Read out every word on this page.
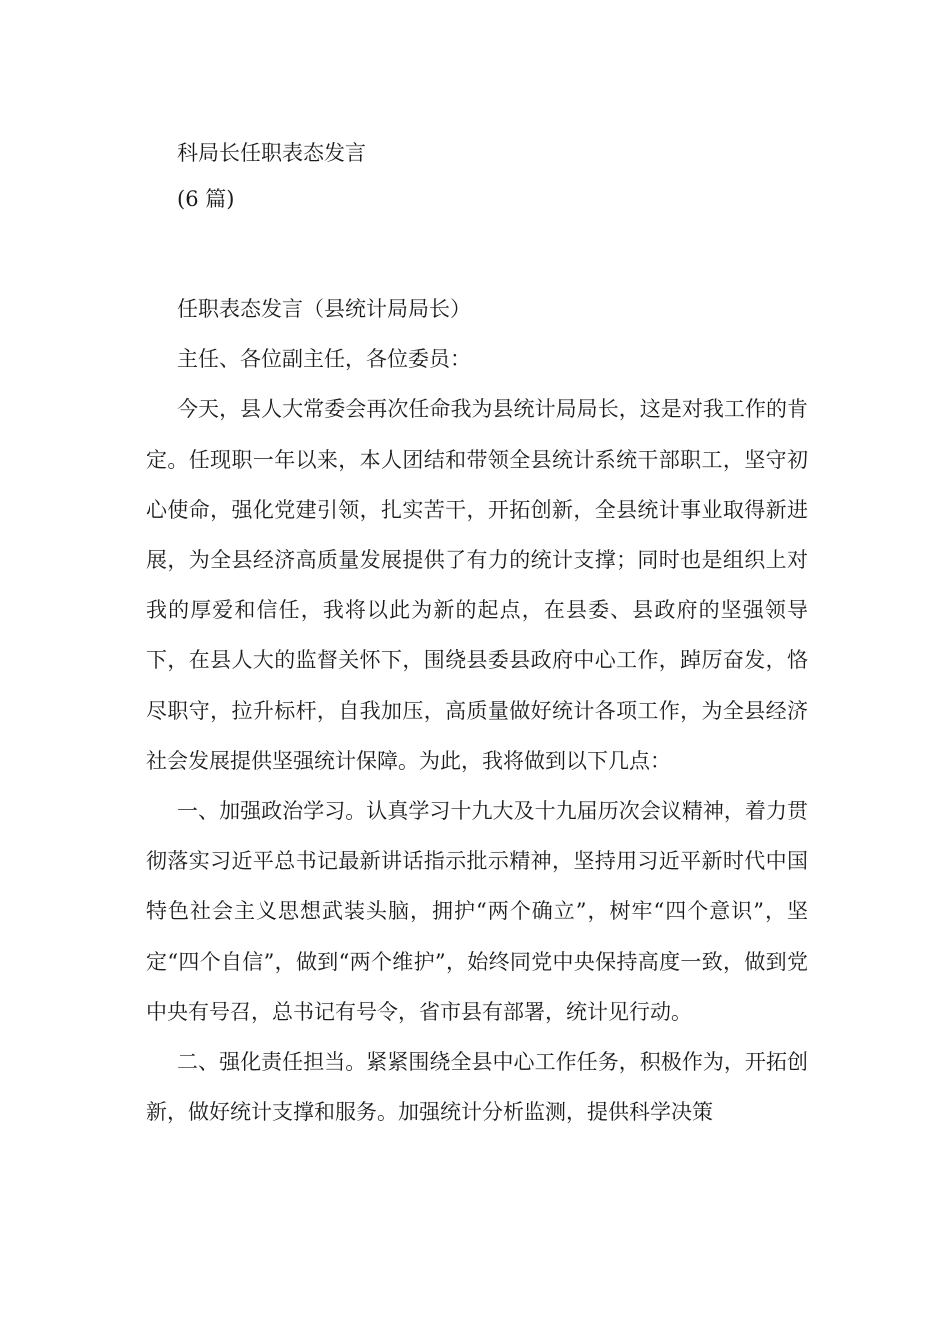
科局长任职表态发言
(6 篇)

任职表态发言（县统计局局长）

主任、各位副主任，各位委员：

今天，县人大常委会再次任命我为县统计局局长，这是对我工作的肯定。任现职一年以来，本人团结和带领全县统计系统干部职工，坚守初心使命，强化党建引领，扎实苦干，开拓创新，全县统计事业取得新进展，为全县经济高质量发展提供了有力的统计支撑；同时也是组织上对我的厚爱和信任，我将以此为新的起点，在县委、县政府的坚强领导下，在县人大的监督关怀下，围绕县委县政府中心工作，踔厉奋发，恪尽职守，拉升标杆，自我加压，高质量做好统计各项工作，为全县经济社会发展提供坚强统计保障。为此，我将做到以下几点：

一、加强政治学习。认真学习十九大及十九届历次会议精神，着力贯彻落实习近平总书记最新讲话指示批示精神，坚持用习近平新时代中国特色社会主义思想武装头脑，拥护“两个确立”，树牢“四个意识”，坚定“四个自信”，做到“两个维护”，始终同党中央保持高度一致，做到党中央有号召，总书记有号令，省市县有部署，统计见行动。

二、强化责任担当。紧紧围绕全县中心工作任务，积极作为，开拓创新，做好统计支撑和服务。加强统计分析监测，提供科学决策
